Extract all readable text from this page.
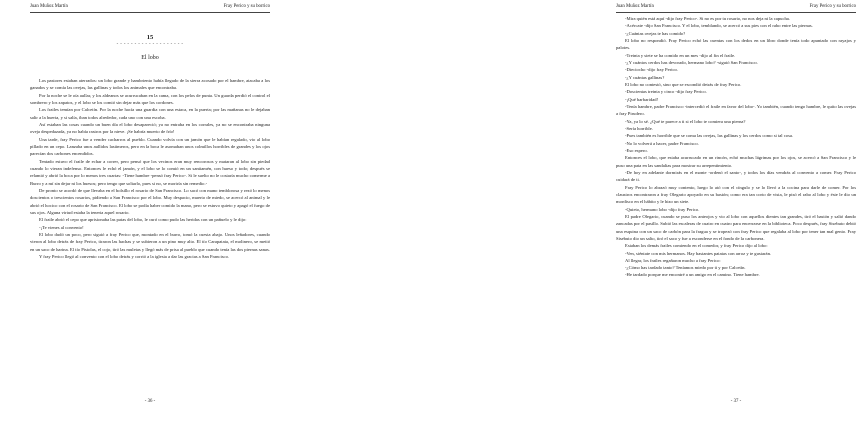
Juan Muñoz Martín	Fray Perico y su borrico
15
- - - - - - - - - - - - - - - - - - -
El lobo

Los pastores estaban aterrados: un lobo grande y hambriento había llegado de la sierra acosado por el hambre, atacaba a los ganados y se comía las ovejas, las gallinas y todos los animales que encontraba.

Por la noche se le oía aullar, y los aldeanos se acurrucaban en la cama, con los pelos de punta. Un guarda perdió el control el sombrero y los zapatos, y el lobo se los comió sin dejar más que los cordones.

Los frailes temían por Calcetín. Por la noche hacía una guardia con una estaca, en la puerta; por las mañanas no le dejaban salir a la huerta, y si salía, iban todos alrededor, cada uno con una escoba.

Así estaban las cosas cuando un buen día el lobo desapareció; ya no entraba en los corrales, ya no se encontraba ninguna oveja despedazada, ya no había rastros por la nieve. ¡Se habría muerto de frío!

Una tarde, fray Perico fue a vender cacharros al pueblo. Cuando volvía con un jamón que le habían regalado, vio al lobo pillado en un cepo. Lanzaba unos aullidos lastimeros, pero en la boca le asomaban unos colmillos horribles de grandes y los ojos parecían dos carbones encendidos.

Tentado estuvo el fraile de echar a correr, pero pensó que los vecinos eran muy rencorosos y mataran al lobo sin piedad cuando lo vieran indefenso. Entonces le echó el jamón, y el lobo se lo comió en un santiamén, con hueso y todo; después se relamió y abrió la boca por lo menos tres cuartas: -Tiene hambre -pensó fray Perico-. Si le suelto no le costaría mucho comerme a Burro y a mí sin dejar ni los huesos; pero tengo que soltarlo, pues si no, se moriría sin remedio.-

De pronto se acordó de que llevaba en el bolsillo el rosario de San Francisco. Lo sacó con mano temblorosa y rezó lo menos doscientos o trescientos rosarios, pidiendo a San Francisco por el lobo. Muy despacio, muerto de miedo, se acercó al animal y le abrió el hocico con el rosario de San Francisco. El lobo se podía haber comido la mano, pero se estuvo quieto y apagó el fuego de sus ojos. Alguna virtud estaba la teneria aquel rosario.

El fraile abrió el cepo que aprisionaba las patas del lobo, le curó como pudo las heridas con un pañuelo y le dijo:

-¡Te vienes al convento!

El lobo dudó un poco, pero siguió a fray Perico que, montado en el burro, tomó la cuesta abajo. Unos leñadores, cuando vieron al lobo detrás de fray Perico, tiraron las hachas y se subieron a un pino muy alto. El tío Carapatata, el molinero, se metió en un saco de harina. El tío Pistolas, el cojo, tiró las muletas y llegó más de prisa al pueblo que cuando tenía las dos piernas sanas.

Y fray Perico llegó al convento con el lobo detrás y corrió a la iglesia a dar las gracias a San Francisco.

- 36 -
Juan Muñoz Martín	Fray Perico y su borrico

-Mira quién está aquí -dijo fray Perico-. Si no es por tu rosario, no nos deja ni la capucha.

-Acércate -dijo San Francisco. Y el lobo, temblando, se acercó a sus pies con el rabo entre las piernas.

-¿Cuántas ovejas te has comido?

El lobo no respondió. Fray Perico echó las cuentas con los dedos en un libro donde tenía todo apuntado con rayajos y palotes.

-Treinta y siete se ha comido en un mes -dijo al fin el fraile.

-¿Y cuántos cerdos has devorado, hermano lobo? -siguió San Francisco.

-Dieciocho -dijo fray Perico.

-¿Y cuántas gallinas?

El lobo no contestó, sino que se escondió detrás de fray Perico.

-Doscientas treinta y cinco -dijo fray Perico.

-¡Qué barbaridad!

-Tenía hambre, padre Francisco -intercedió el fraile en favor del lobo-. Yo también, cuando tengo hambre, le quito las ovejas a fray Pirudero.

-Ya, ya lo sé. ¿Qué te parece a ti si el lobo te comiera una pierna?

-Sería horrible.

-Pues también es horrible que se coma las ovejas, las gallinas y los cerdos como si tal cosa.

-No lo volverá a hacer, padre Francisco.

-Eso espero.

Entonces el lobo, que estaba acurrucado en un rincón, echó muchas lágrimas por los ojos, se acercó a San Francisco y le puso una pata en las sandalias para mostrar su arrepentimiento.

-De hoy en adelante dormirás en el monte -ordenó el santo-, y todos los días vendrás al convento a comer. Fray Perico cuidará de ti.

Fray Perico lo abrazó muy contento, luego lo ató con el cíngulo y se lo llevó a la cocina para darle de comer. Por los claustros encontraron a fray Olegario apoyado en su bastón; como era tan corto de vista, le pisó el rabo al lobo y éste le dio un mordisco en el hábito y le hizo un siete.

-Quieto, hermano lobo -dijo fray Perico.

El padre Olegario, cuando se puso los anteojos y vio al lobo con aquellos dientes tan grandes, tiró el bastón y salió dando zancadas por el pasillo. Subió las escaleras de cuatro en cuatro para encerrarse en la biblioteca. Poco después, fray Sisebuto debió una esquina con un saco de carbón para la fragua y se tropezó con fray Perico que regalaba al lobo por tener tan mal genio. Fray Sisebuto dio un salto, tiró el saco y fue a esconderse en el fondo de la carbonera.

Estaban los demás frailes comiendo en el comedor, y fray Perico dijo al lobo:

-Ven, siéntate con mis hermanos. Hay bastantes patatas con arroz y te gustarán.

Al llegar, los frailes regañaron mucho a fray Perico:

-¿Cómo has tardado tanto? Teníamos miedo por ti y por Calcetín.

-He tardado porque me encontré a un amigo en el camino. Tiene hambre.

- 37 -
